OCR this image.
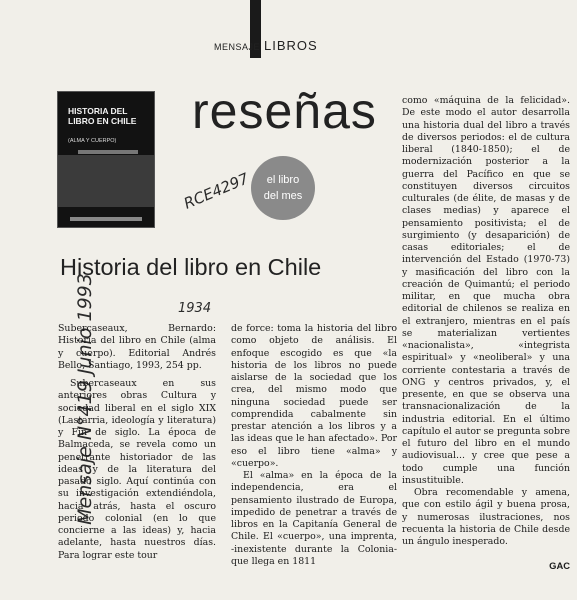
MENSAJE LIBROS
HISTORIA DEL LIBRO EN CHILE
(ALMA Y CUERPO)
reseñas
el libro
del mes
RCE4297
Mensaje N°419 Junio 1993	1934
Historia del libro en Chile

Subercaseaux, Bernardo: Historia del libro en Chile (alma y cuerpo). Editorial Andrés Bello, Santiago, 1993, 254 pp.

Subercaseaux en sus anteriores obras Cultura y sociedad liberal en el siglo XIX (Lastarria, ideología y literatura) y Fin de siglo. La época de Balmaceda, se revela como un penetrante historiador de las ideas y de la literatura del pasado siglo. Aquí continúa con su investigación extendiéndola, hacia atrás, hasta el oscuro periodo colonial (en lo que concierne a las ideas) y, hacia adelante, hasta nuestros días. Para lograr este tour

de force: toma la historia del libro como objeto de análisis. El enfoque escogido es que «la historia de los libros no puede aislarse de la sociedad que los crea, del mismo modo que ninguna sociedad puede ser comprendida cabalmente sin prestar atención a los libros y a las ideas que le han afectado». Por eso el libro tiene «alma» y «cuerpo».

El «alma» en la época de la independencia, era el pensamiento ilustrado de Europa, impedido de penetrar a través de libros en la Capitanía General de Chile. El «cuerpo», una imprenta, -inexistente durante la Colonia- que llega en 1811

como «máquina de la felicidad». De este modo el autor desarrolla una historia dual del libro a través de diversos periodos: el de cultura liberal (1840-1850); el de modernización posterior a la guerra del Pacífico en que se constituyen diversos circuitos culturales (de élite, de masas y de clases medias) y aparece el pensamiento positivista; el de surgimiento (y desaparición) de casas editoriales; el de intervención del Estado (1970-73) y masificación del libro con la creación de Quimantú; el periodo militar, en que mucha obra editorial de chilenos se realiza en el extranjero, mientras en el país se materializan vertientes «nacionalista», «integrista espiritual» y «neoliberal» y una corriente contestaria a través de ONG y centros privados, y, el presente, en que se observa una transnacionalización de la industria editorial. En el último capítulo el autor se pregunta sobre el futuro del libro en el mundo audiovisual... y cree que pese a todo cumple una función insustituible.

Obra recomendable y amena, que con estilo ágil y buena prosa, y numerosas ilustraciones, nos recuenta la historia de Chile desde un ángulo inesperado.

GAC
